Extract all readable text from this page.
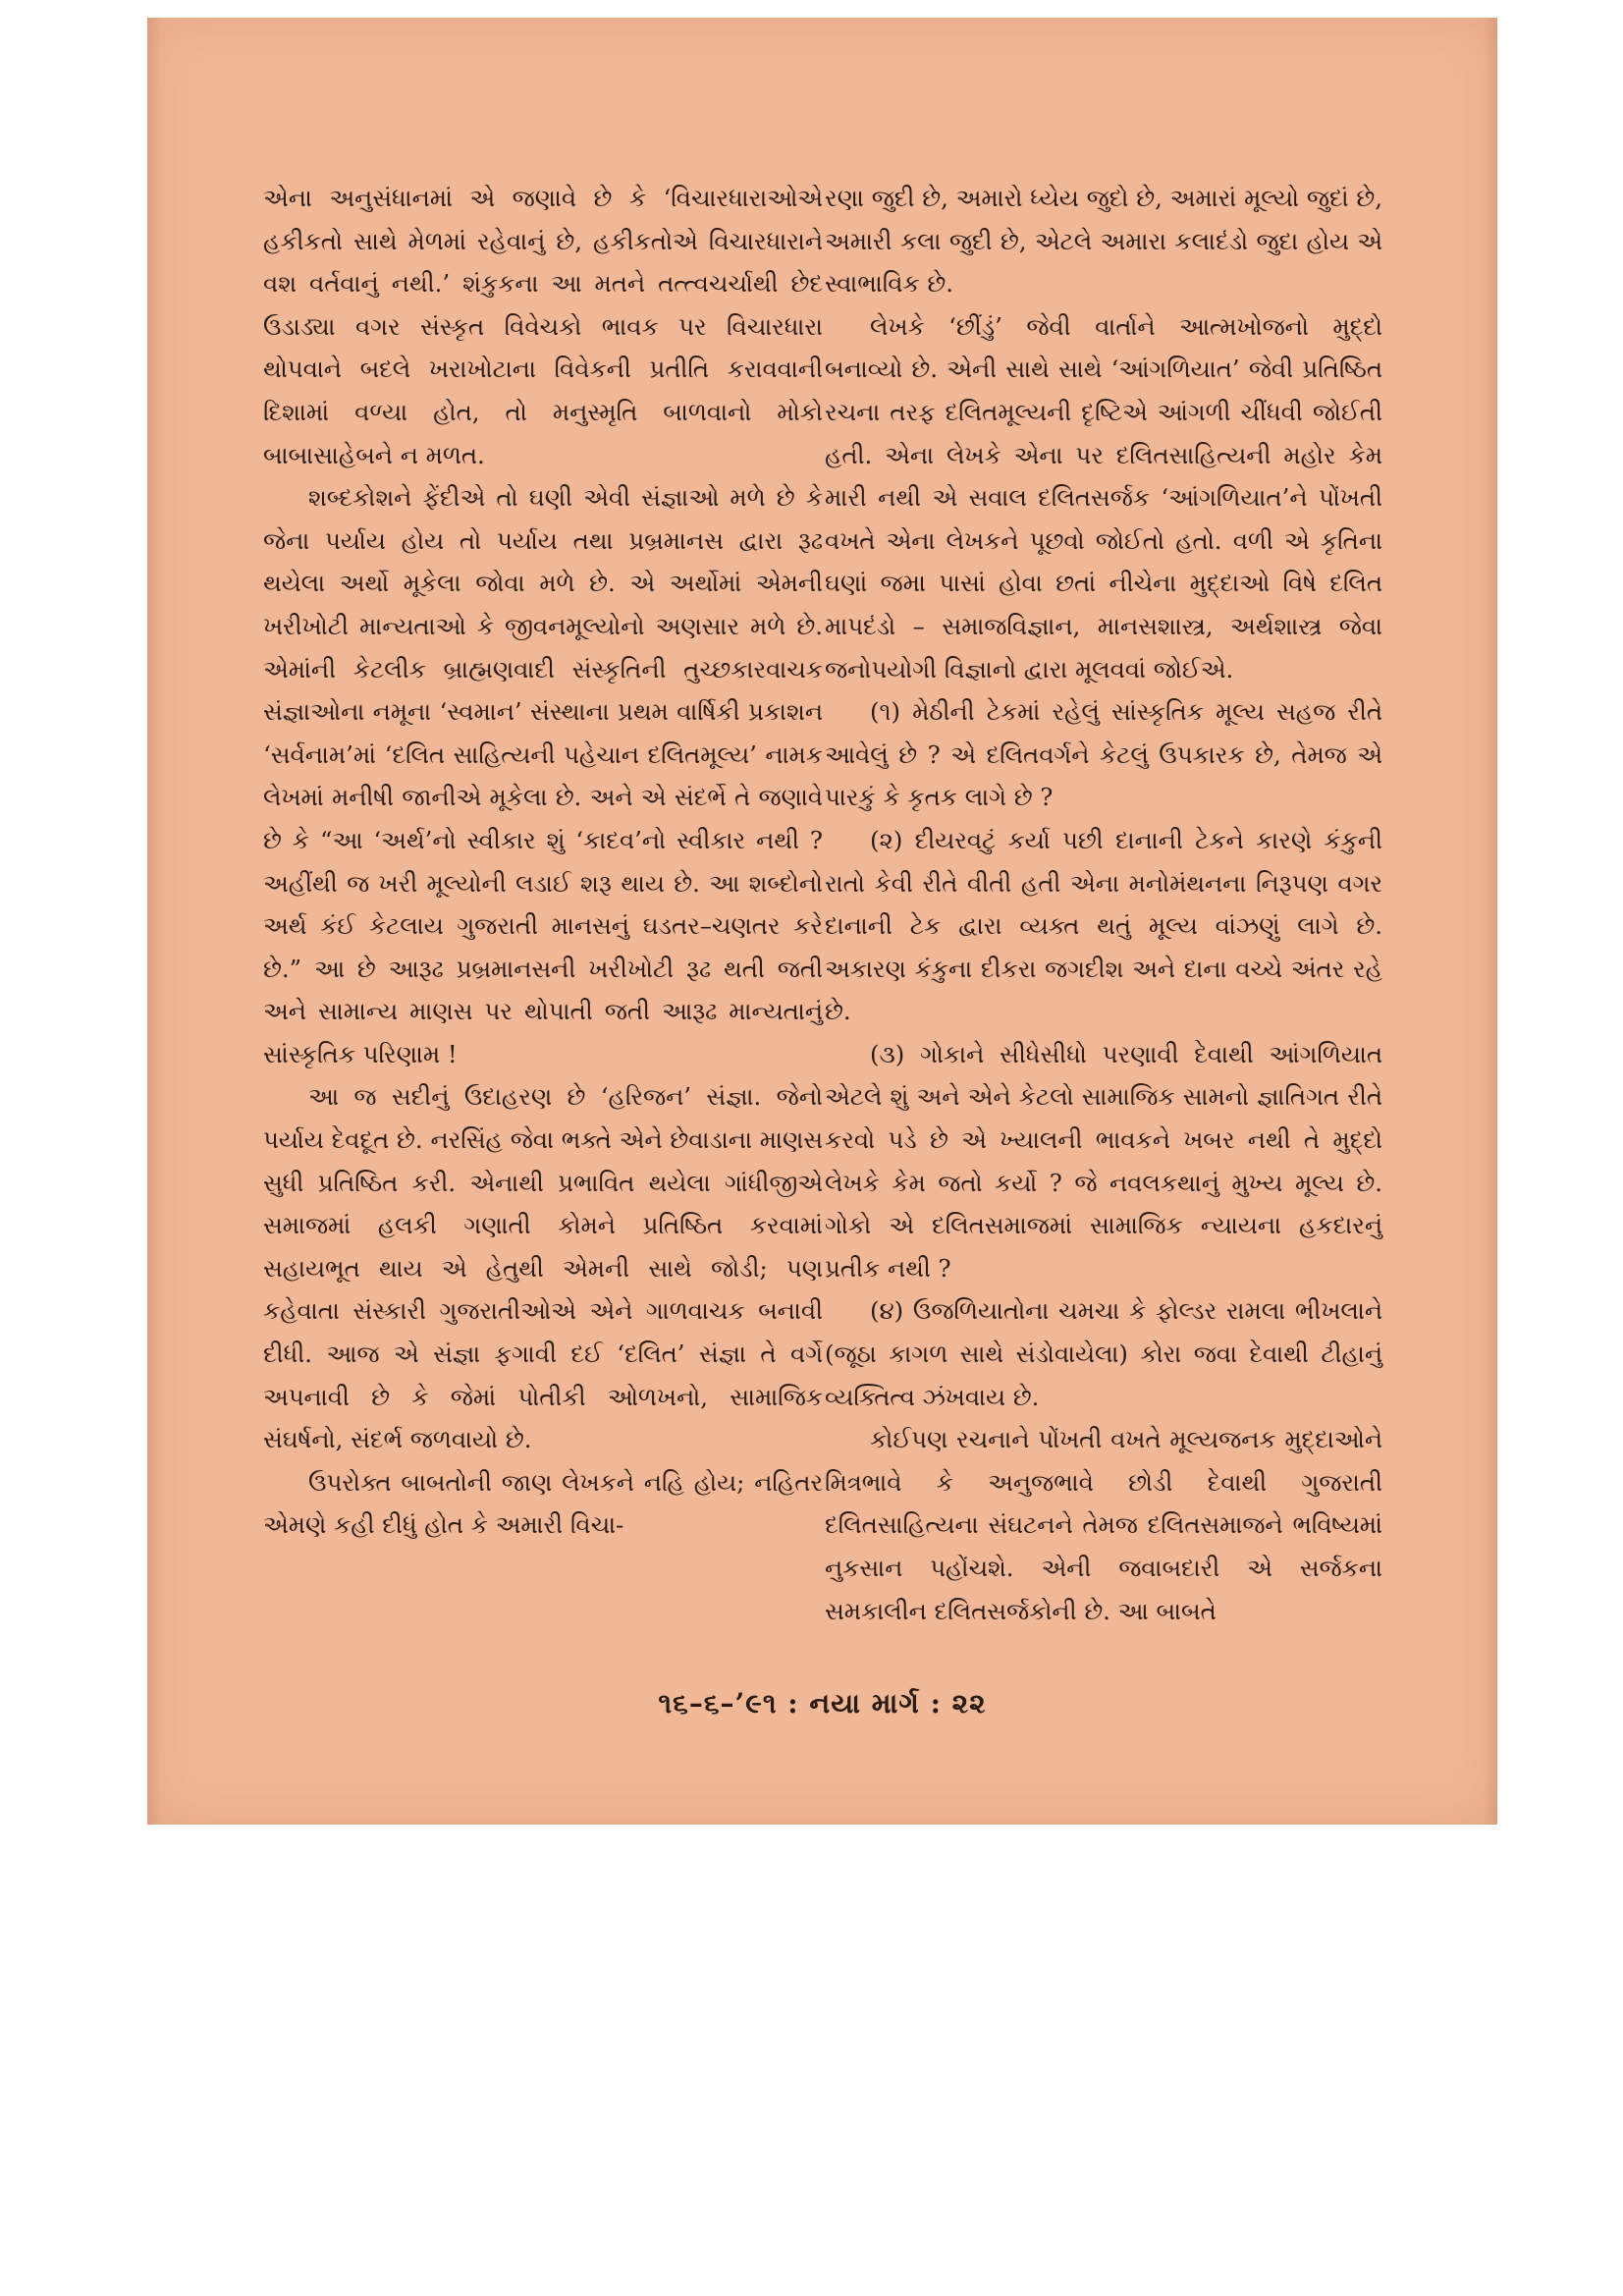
એના અનુસંધાનમાં એ જણાવે છે કે ‘વિચારધારાઓએ હકીકતો સાથે મેળમાં રહેવાનું છે, હકીકતોએ વિચારધારાને વશ વર્તવાનું નથી.’ શંકુકના આ મતને તત્ત્વચર્ચાથી છેદ ઉડાડ્યા વગર સંસ્કૃત વિવેચકો ભાવક પર વિચારધારા થોપવાને બદલે ખરાખોટાના વિવેકની પ્રતીતિ કરાવવાની દિશામાં વળ્યા હોત, તો મનુસ્મૃતિ બાળવાનો મોકો બાબાસાહેબને ન મળત.

શબ્દકોશને ફેંદીએ તો ઘણી એવી સંજ્ઞાઓ મળે છે કે જેના પર્યાય હોય તો પર્યાય તથા પ્રબ્રમાનસ દ્વારા રૂઢ થયેલા અર્થો મૂકેલા જોવા મળે છે. એ અર્થોમાં એમની ખરીખોટી માન્યતાઓ કે જીવનમૂલ્યોનો અણસાર મળે છે. એમાંની કેટલીક બ્રાહ્મણવાદી સંસ્કૃતિની તુચ્છકારવાચક સંજ્ઞાઓના નમૂના ‘સ્વમાન’ સંસ્થાના પ્રથમ વાર્ષિકી પ્રકાશન ‘સર્વનામ’માં ‘દલિત સાહિત્યની પહેચાન દલિતમૂલ્ય’ નામક લેખમાં મનીષી જાનીએ મૂકેલા છે. અને એ સંદર્ભે તે જણાવે છે કે “આ ‘અર્થ’નો સ્વીકાર શું ‘કાદવ’નો સ્વીકાર નથી ? અહીંથી જ ખરી મૂલ્યોની લડાઈ શરૂ થાય છે. આ શબ્દોનો અર્થ કંઈ કેટલાય ગુજરાતી માનસનું ઘડતર–ચણતર કરે છે.” આ છે આરૂઢ પ્રબ્રમાનસની ખરીખોટી રૂઢ થતી જતી અને સામાન્ય માણસ પર થોપાતી જતી આરૂઢ માન્યતાનું સાંસ્કૃતિક પરિણામ !

આ જ સદીનું ઉદાહરણ છે ‘હરિજન’ સંજ્ઞા. જેનો પર્યાય દેવદૂત છે. નરસિંહ જેવા ભક્તે એને છેવાડાના માણસ સુધી પ્રતિષ્ઠિત કરી. એનાથી પ્રભાવિત થયેલા ગાંધીજીએ સમાજમાં હલકી ગણાતી કોમને પ્રતિષ્ઠિત કરવામાં સહાયભૂત થાય એ હેતુથી એમની સાથે જોડી; પણ કહેવાતા સંસ્કારી ગુજરાતીઓએ એને ગાળવાચક બનાવી દીધી. આજ એ સંજ્ઞા ફગાવી દઈ ‘દલિત’ સંજ્ઞા તે વર્ગે અપનાવી છે કે જેમાં પોતીકી ઓળખનો, સામાજિક સંઘર્ષનો, સંદર્ભ જળવાયો છે.

ઉપરોક્ત બાબતોની જાણ લેખકને નહિ હોય; નહિતર એમણે કહી દીધું હોત કે અમારી વિચા-

રણા જુદી છે, અમારો ધ્યેય જુદો છે, અમારાં મૂલ્યો જુદાં છે, અમારી કલા જુદી છે, એટલે અમારા કલાદંડો જુદા હોય એ સ્વાભાવિક છે.

લેખકે ‘છીંડું’ જેવી વાર્તાને આત્મખોજનો મુદ્દો બનાવ્યો છે. એની સાથે સાથે ‘આંગળિયાત’ જેવી પ્રતિષ્ઠિત રચના તરફ દલિતમૂલ્યની દૃષ્ટિએ આંગળી ચીંધવી જોઈતી હતી. એના લેખકે એના પર દલિતસાહિત્યની મહોર કેમ મારી નથી એ સવાલ દલિતસર્જક ‘આંગળિયાત’ને પોંખતી વખતે એના લેખકને પૂછવો જોઈતો હતો. વળી એ કૃતિના ઘણાં જમા પાસાં હોવા છતાં નીચેના મુદ્દાઓ વિષે દલિત માપદંડો – સમાજવિજ્ઞાન, માનસશાસ્ત્ર, અર્થશાસ્ત્ર જેવા જનોપયોગી વિજ્ઞાનો દ્વારા મૂલવવાં જોઈએ.

(૧) મેઠીની ટેકમાં રહેલું સાંસ્કૃતિક મૂલ્ય સહજ રીતે આવેલું છે ? એ દલિતવર્ગને કેટલું ઉપકારક છે, તેમજ એ પારકું કે કૃતક લાગે છે ?

(૨) દીયરવટું કર્યા પછી દાનાની ટેકને કારણે કંકુની રાતો કેવી રીતે વીતી હતી એના મનોમંથનના નિરૂપણ વગર દાનાની ટેક દ્વારા વ્યક્ત થતું મૂલ્ય વાંઝણું લાગે છે. અકારણ કંકુના દીકરા જગદીશ અને દાના વચ્ચે અંતર રહે છે.

(૩) ગોકાને સીધેસીધો પરણાવી દેવાથી આંગળિયાત એટલે શું અને એને કેટલો સામાજિક સામનો જ્ઞાતિગત રીતે કરવો પડે છે એ ખ્યાલની ભાવકને ખબર નથી તે મુદ્દો લેખકે કેમ જતો કર્યો ? જે નવલકથાનું મુખ્ય મૂલ્ય છે. ગોકો એ દલિતસમાજમાં સામાજિક ન્યાયના હકદારનું પ્રતીક નથી ?

(૪) ઉજળિયાતોના ચમચા કે ફોલ્ડર રામલા ભીખલાને (જૂઠા કાગળ સાથે સંડોવાયેલા) કોરા જવા દેવાથી ટીહાનું વ્યક્તિત્વ ઝંખવાય છે.

કોઈપણ રચનાને પોંખતી વખતે મૂલ્યજનક મુદ્દાઓને મિત્રભાવે કે અનુજભાવે છોડી દેવાથી ગુજરાતી દલિતસાહિત્યના સંઘટનને તેમજ દલિતસમાજને ભવિષ્યમાં નુકસાન પહોંચશે. એની જવાબદારી એ સર્જકના સમકાલીન દલિતસર્જકોની છે. આ બાબતે

૧૬–૬–’૯૧ : નયા માર્ગ : ૨૨
